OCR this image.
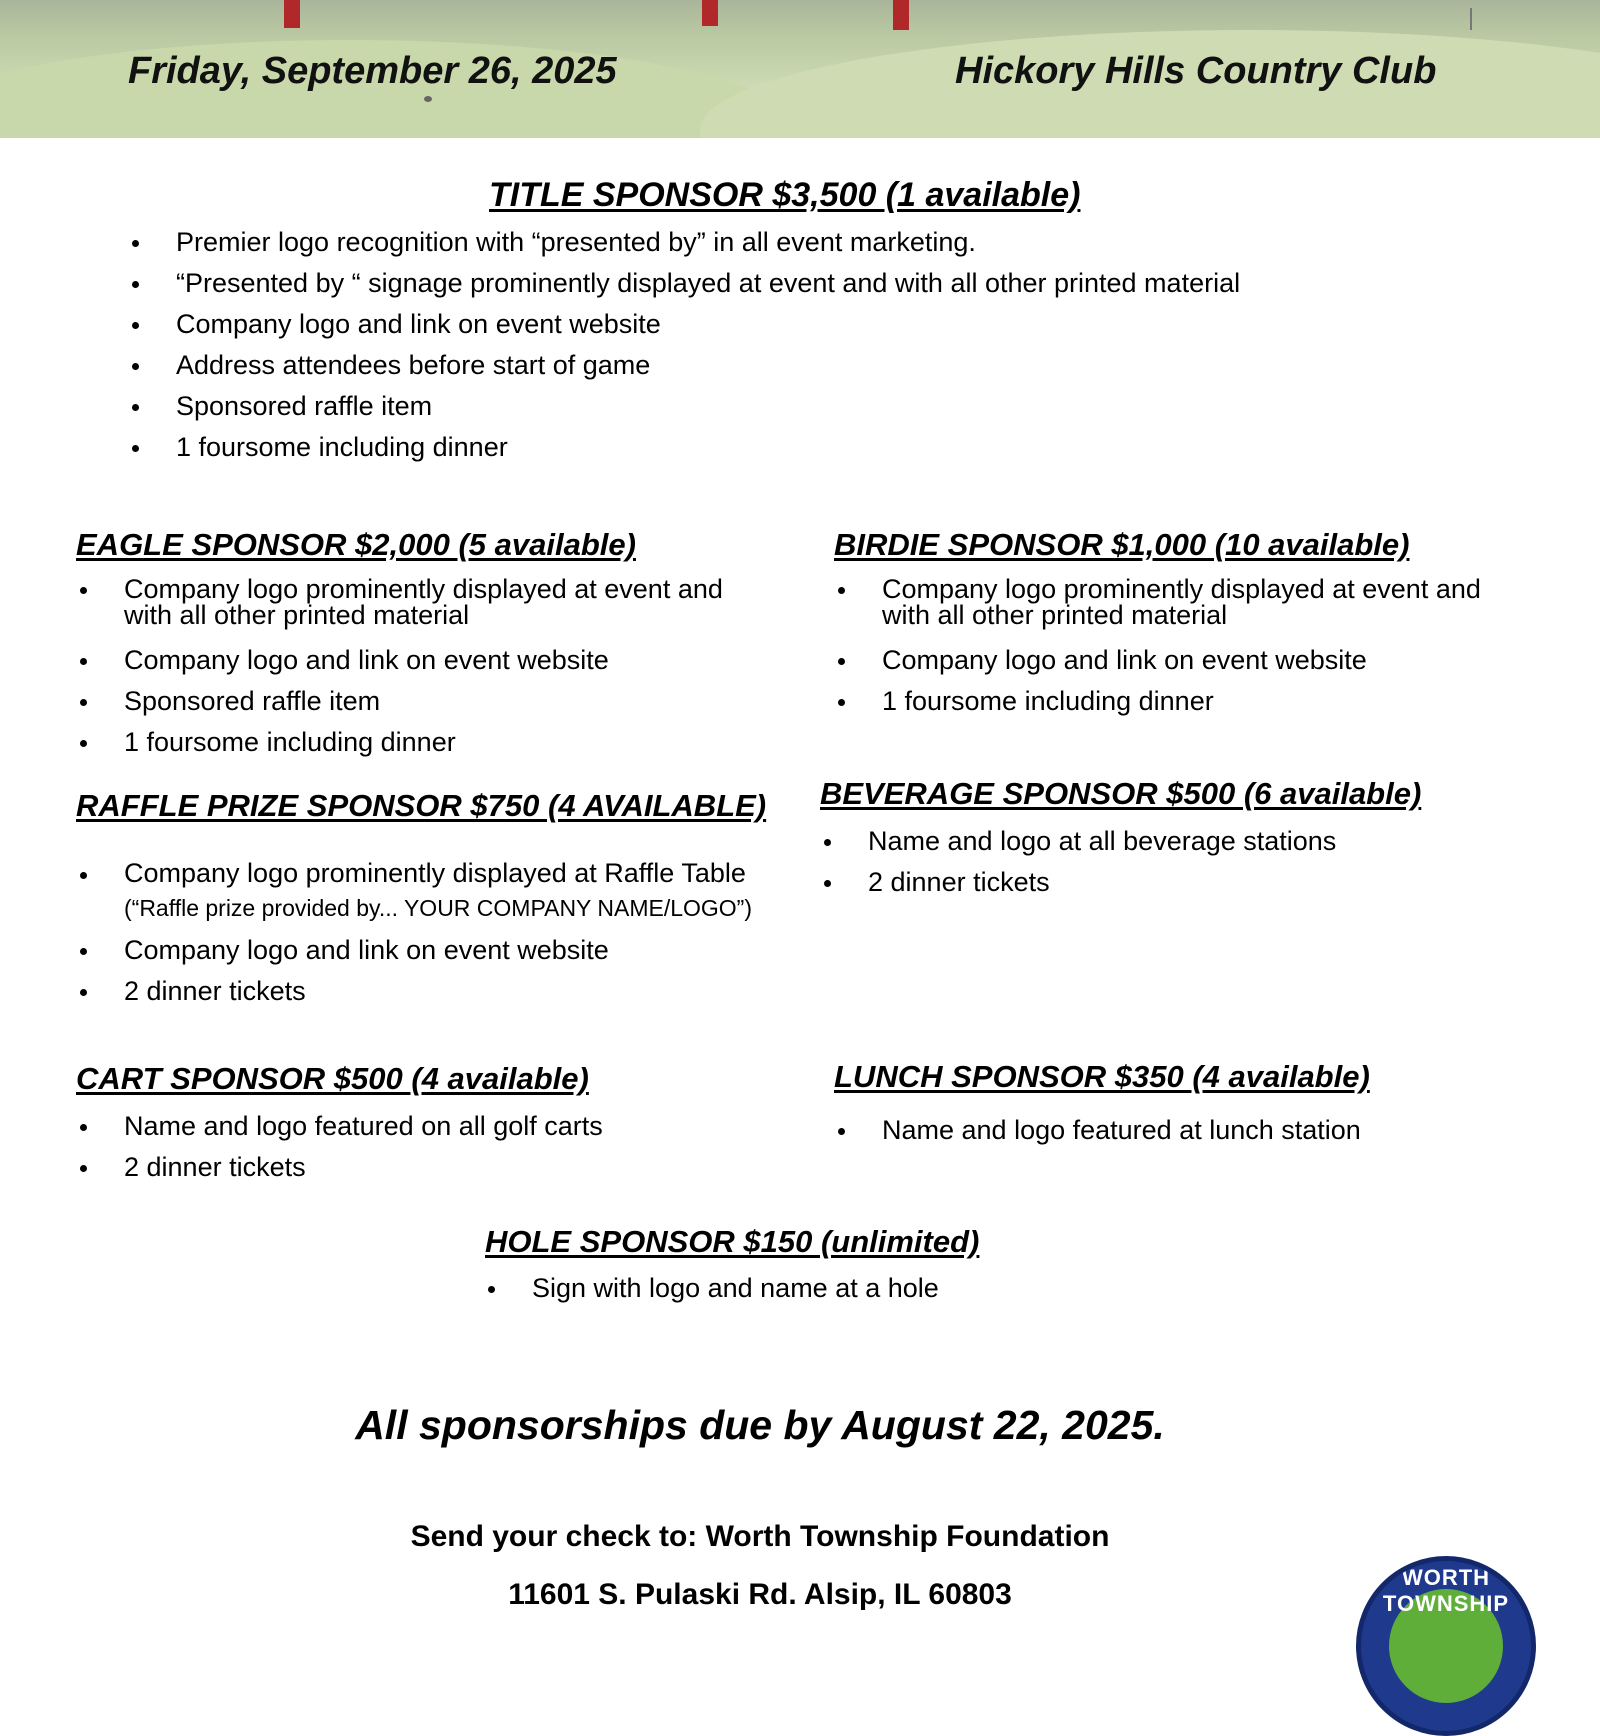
Friday, September 26, 2025	Hickory Hills Country Club
TITLE SPONSOR $3,500 (1 available)
Premier logo recognition with “presented by” in all event marketing.
“Presented by “ signage prominently displayed at event and with all other printed material
Company logo and link on event website
Address attendees before start of game
Sponsored raffle item
1 foursome including dinner
EAGLE SPONSOR $2,000 (5 available)
Company logo prominently displayed at event and with all other printed material
Company logo and link on event website
Sponsored raffle item
1 foursome including dinner
BIRDIE SPONSOR $1,000 (10 available)
Company logo prominently displayed at event and with all other printed material
Company logo and link on event website
1 foursome including dinner
RAFFLE PRIZE SPONSOR $750 (4 AVAILABLE)
Company logo prominently displayed at Raffle Table (“Raffle prize provided by... YOUR COMPANY NAME/LOGO”)
Company logo and link on event website
2 dinner tickets
BEVERAGE SPONSOR $500 (6 available)
Name and logo at all beverage stations
2 dinner tickets
CART SPONSOR $500 (4 available)
Name and logo featured on all golf carts
2 dinner tickets
LUNCH SPONSOR $350 (4 available)
Name and logo featured at lunch station
HOLE SPONSOR $150 (unlimited)
Sign with logo and name at a hole
All sponsorships due by August 22, 2025.
Send your check to: Worth Township Foundation
11601 S. Pulaski Rd. Alsip, IL 60803
WORTH TOWNSHIP
